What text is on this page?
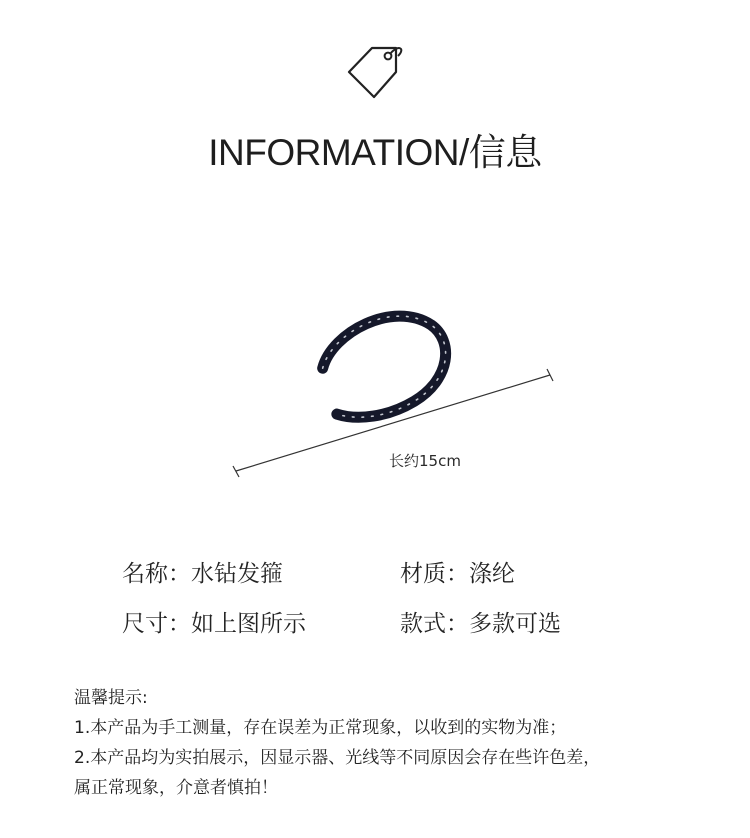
INFORMATION/信息
长约15cm
名称：水钻发箍	材质：涤纶
尺寸：如上图所示	款式：多款可选
温馨提示:
1.本产品为手工测量，存在误差为正常现象，以收到的实物为准；
2.本产品均为实拍展示，因显示器、光线等不同原因会存在些许色差，
属正常现象，介意者慎拍！
